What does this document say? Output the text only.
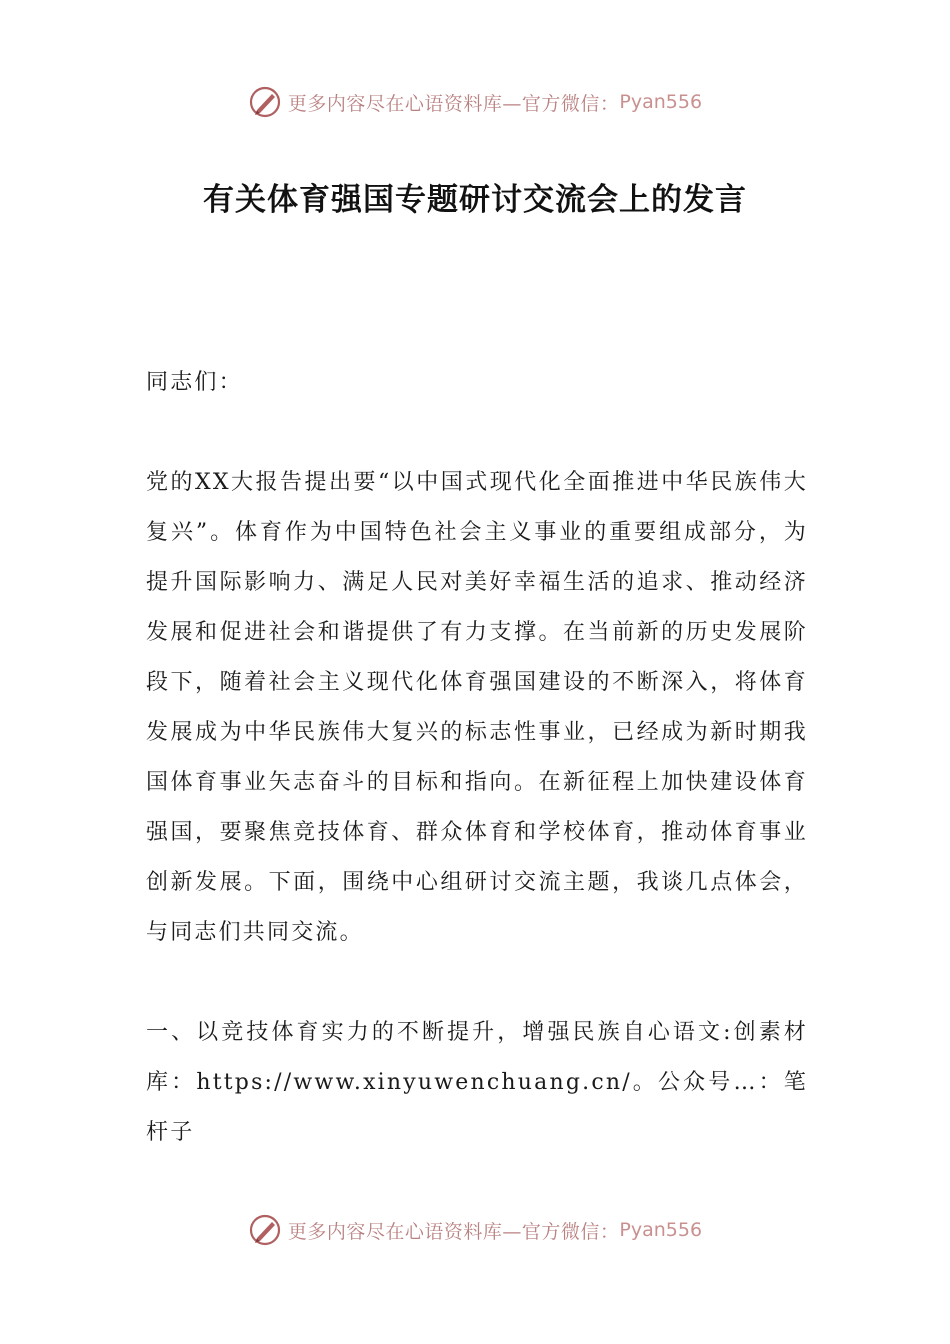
更多内容尽在心语资料库—官方微信： Pyan556
有关体育强国专题研讨交流会上的发言

同志们：

党的XX大报告提出要“以中国式现代化全面推进中华民族伟大复兴”。体育作为中国特色社会主义事业的重要组成部分，为提升国际影响力、满足人民对美好幸福生活的追求、推动经济发展和促进社会和谐提供了有力支撑。在当前新的历史发展阶段下，随着社会主义现代化体育强国建设的不断深入，将体育发展成为中华民族伟大复兴的标志性事业，已经成为新时期我国体育事业矢志奋斗的目标和指向。在新征程上加快建设体育强国，要聚焦竞技体育、群众体育和学校体育，推动体育事业创新发展。下面，围绕中心组研讨交流主题，我谈几点体会，与同志们共同交流。

一、以竞技体育实力的不断提升，增强民族自心语文:创素材库：https://www.xinyuwenchuang.cn/。公众号…：笔杆子

更多内容尽在心语资料库—官方微信： Pyan556
